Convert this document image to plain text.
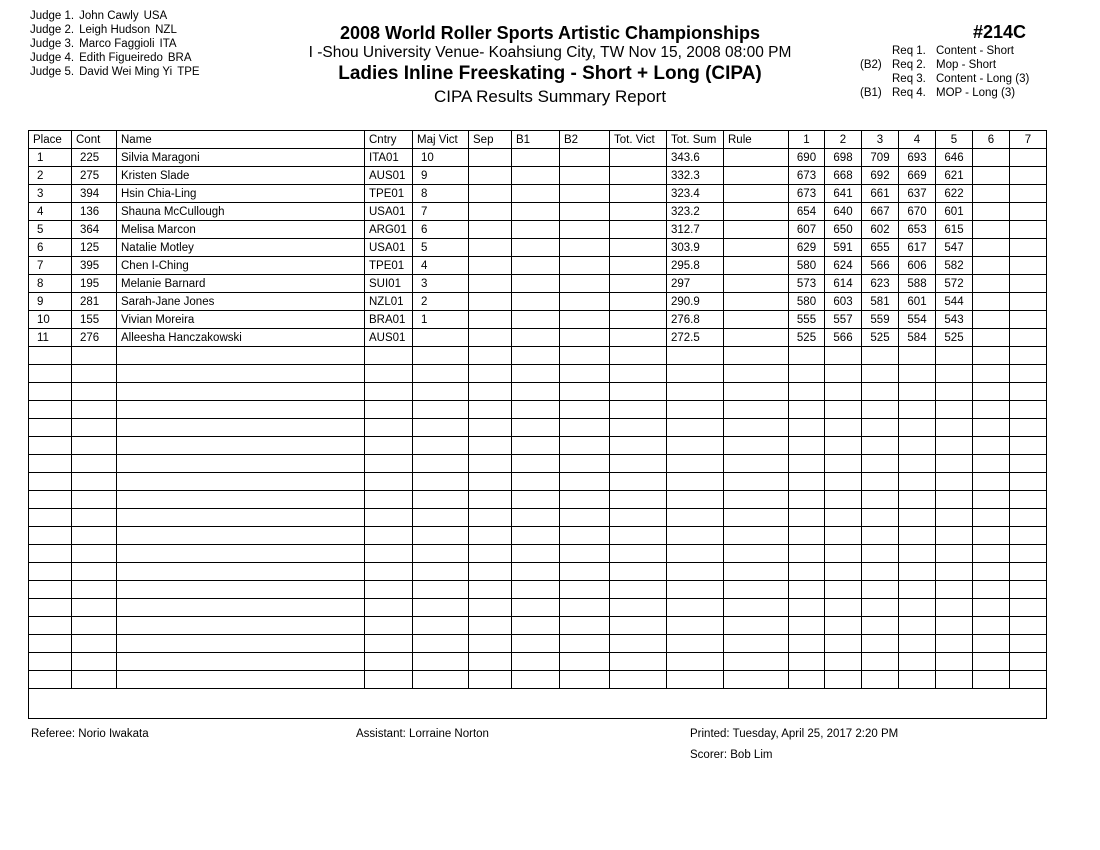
Judge 1. John Cawly USA
Judge 2. Leigh Hudson NZL
Judge 3. Marco Faggioli ITA
Judge 4. Edith Figueiredo BRA
Judge 5. David Wei Ming Yi TPE
2008 World Roller Sports Artistic Championships
I -Shou University Venue- Koahsiung City, TW Nov 15, 2008 08:00 PM
Ladies Inline Freeskating - Short + Long (CIPA)
CIPA Results Summary Report
#214C
Req 1. Content - Short
(B2) Req 2. Mop - Short
Req 3. Content - Long (3)
(B1) Req 4. MOP - Long (3)
Place	Cont	Name	Cntry	Maj Vict	Sep	B1	B2	Tot. Vict	Tot. Sum	Rule	1	2	3	4	5	6	7
1	225	Silvia Maragoni	ITA01	10					343.6		690	698	709	693	646		
2	275	Kristen Slade	AUS01	9					332.3		673	668	692	669	621		
3	394	Hsin Chia-Ling	TPE01	8					323.4		673	641	661	637	622		
4	136	Shauna McCullough	USA01	7					323.2		654	640	667	670	601		
5	364	Melisa Marcon	ARG01	6					312.7		607	650	602	653	615		
6	125	Natalie Motley	USA01	5					303.9		629	591	655	617	547		
7	395	Chen I-Ching	TPE01	4					295.8		580	624	566	606	582		
8	195	Melanie Barnard	SUI01	3					297		573	614	623	588	572		
9	281	Sarah-Jane Jones	NZL01	2					290.9		580	603	581	601	544		
10	155	Vivian Moreira	BRA01	1					276.8		555	557	559	554	543		
11	276	Alleesha Hanczakowski	AUS01						272.5		525	566	525	584	525		

Referee: Norio Iwakata	Assistant: Lorraine Norton	Printed: Tuesday, April 25, 2017 2:20 PM
Scorer: Bob Lim
